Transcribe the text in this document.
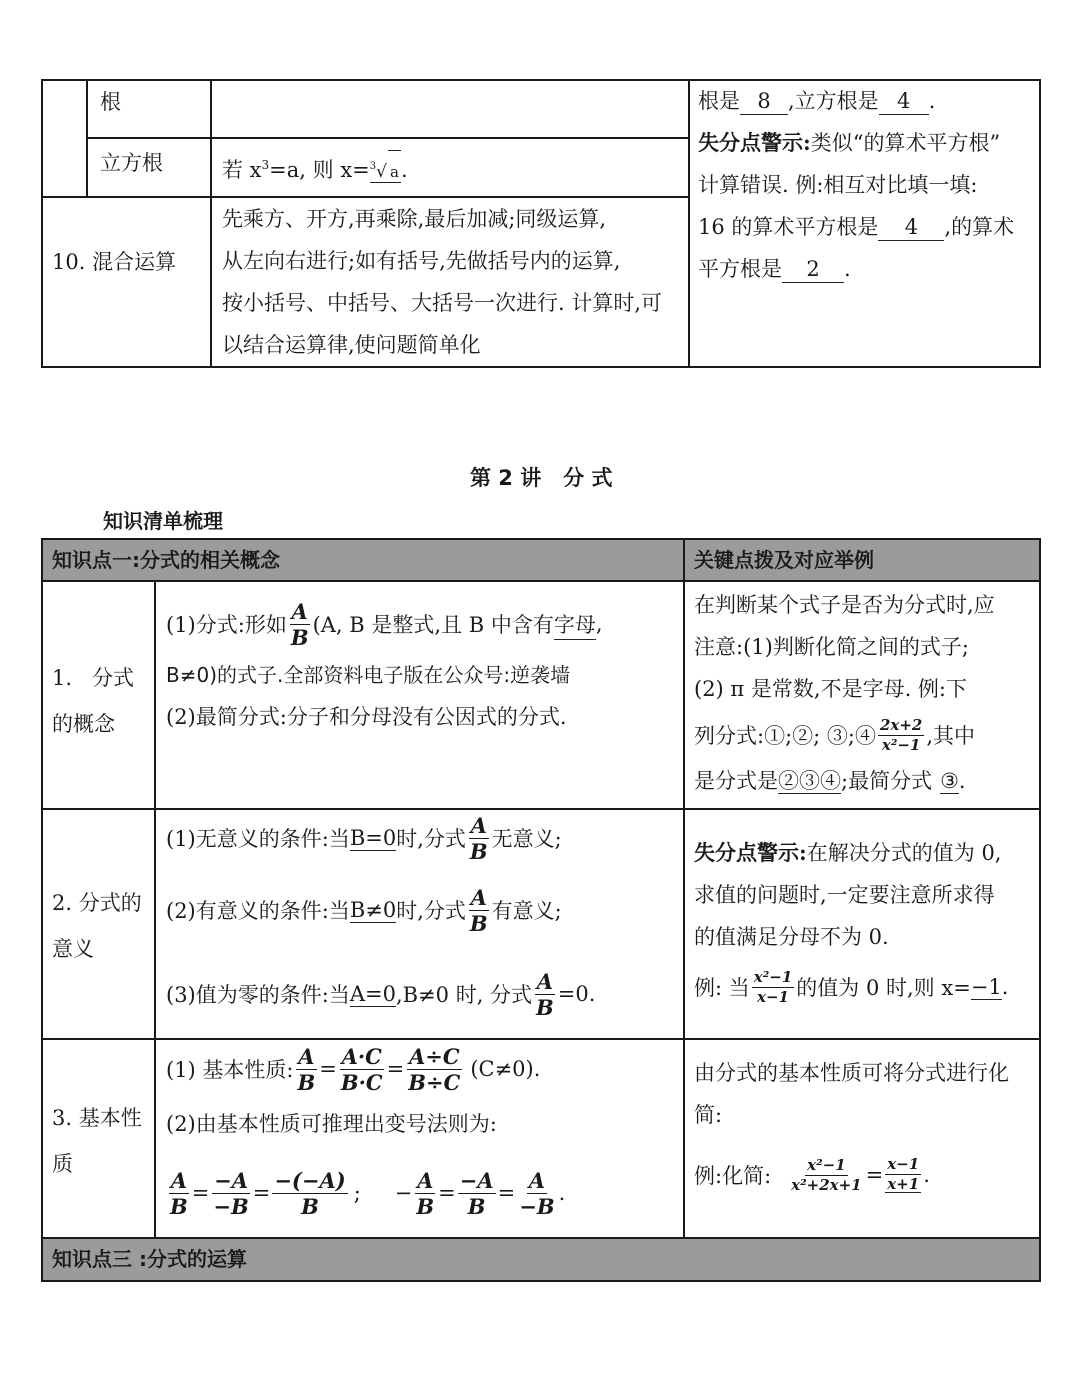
根
立方根	若 $x^3=a$, 则 x=$^3$√ a.
10. 混合运算
先乘方、开方,再乘除,最后加减;同级运算,
从左向右进行;如有括号,先做括号内的运算,
按小括号、中括号、大括号一次进行. 计算时,可
以结合运算律,使问题简单化
根是 8 ,立方根是 4 .
失分点警示:类似“的算术平方根”
计算错误. 例:相互对比填一填:
16 的算术平方根是 4 ,的算术
平方根是 2 .
第 2 讲   分 式
知识清单梳理
知识点一:分式的相关概念	关键点拨及对应举例
知识点三 :分式的运算
1.   分式
的概念
(1)分式:形如 $\frac{A}{B} (A$, B 是整式,且 B 中含有 字母 ,
B≠0)的式子.全部资料电子版在公众号:逆袭墙
(2)最简分式:分子和分母没有公因式的分式.
在判断某个式子是否为分式时,应
注意:(1)判断化简之间的式子;
(2) π 是常数,不是字母. 例:下
列分式:①;②; ③;④ $\frac{2x+2}{\text{x²−1}}$ ,其中
是分式是②③④;最简分式 ③.
2. 分式的
意义
(1)无意义的条件:当 B=0 时,分式 $\frac{A}{B}$ 无意义;
(2)有意义的条件:当 B≠0 时,分式 $\frac{A}{B}$ 有意义;
(3)值为零的条件:当 A=0 ,B≠0 时, 分式 $\frac{A}{B} =0$.
失分点警示:在解决分式的值为 0,
求值的问题时,一定要注意所求得
的值满足分母不为 0.
例: 当 $\frac{\text{x²−1}}{x-1}$ 的值为 0 时,则 x= −1 .
3. 基本性
质
(1) 基本性质: $\frac{A}{B} = \frac{A\cdot C}{B\cdot C} = \frac{A\div C}{B\div C} (C\ne 0)$.
(2)由基本性质可推理出变号法则为:
$\frac{A}{B} = \frac{-A}{-B} = \frac{-(-A)}{B}$ ; − $\frac{A}{B} = \frac{-A}{B} = \frac{A}{-B}$ .
由分式的基本性质可将分式进行化
简:
例:化简: $\frac{\text{x²−1}}{\text{x²+2x+1}} = \frac{x-1}{x+1}$ .
